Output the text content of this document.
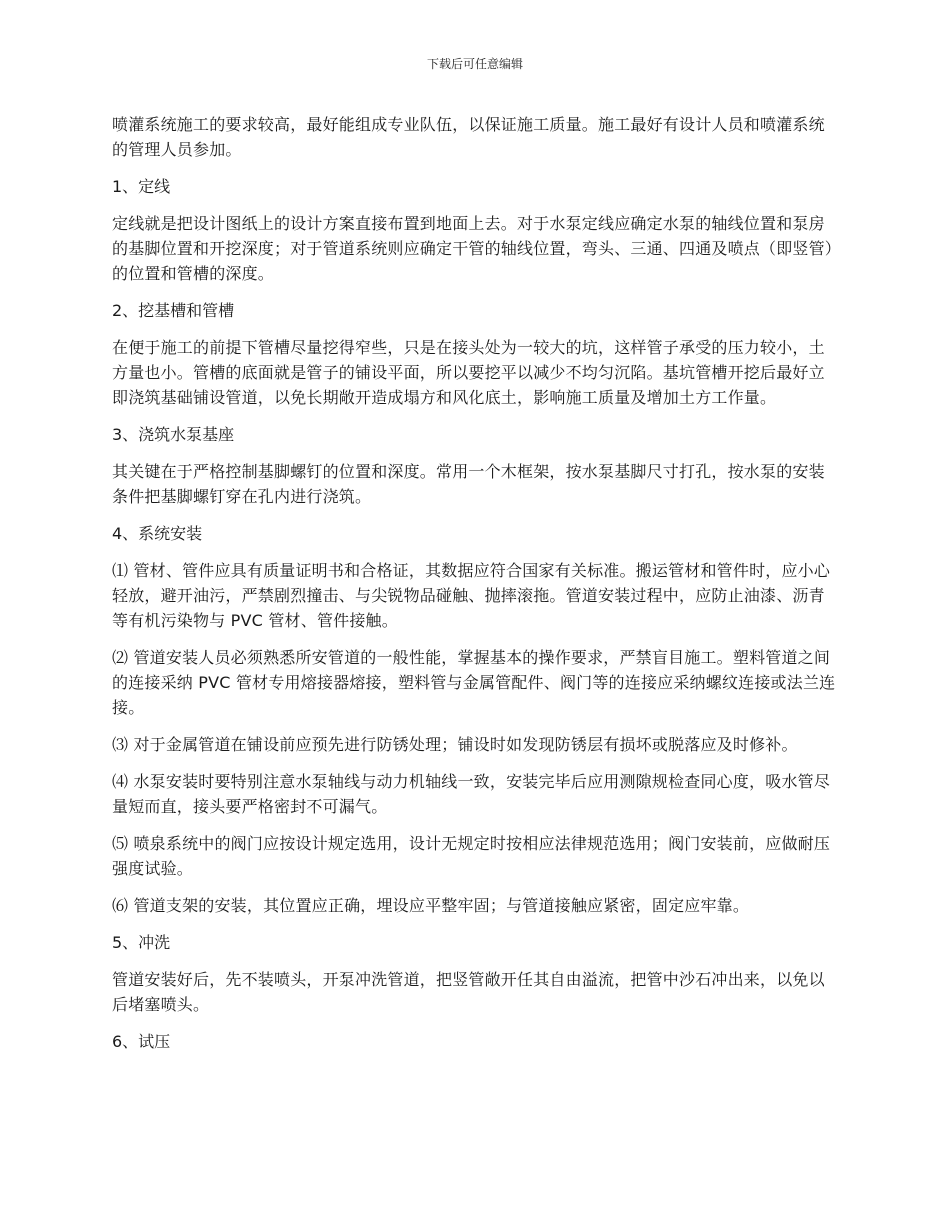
下载后可任意编辑

喷灌系统施工的要求较高，最好能组成专业队伍，以保证施工质量。施工最好有设计人员和喷灌系统的管理人员参加。

1、定线

定线就是把设计图纸上的设计方案直接布置到地面上去。对于水泵定线应确定水泵的轴线位置和泵房的基脚位置和开挖深度；对于管道系统则应确定干管的轴线位置，弯头、三通、四通及喷点（即竖管）的位置和管槽的深度。

2、挖基槽和管槽

在便于施工的前提下管槽尽量挖得窄些，只是在接头处为一较大的坑，这样管子承受的压力较小，土方量也小。管槽的底面就是管子的铺设平面，所以要挖平以减少不均匀沉陷。基坑管槽开挖后最好立即浇筑基础铺设管道，以免长期敞开造成塌方和风化底土，影响施工质量及增加土方工作量。

3、浇筑水泵基座

其关键在于严格控制基脚螺钉的位置和深度。常用一个木框架，按水泵基脚尺寸打孔，按水泵的安装条件把基脚螺钉穿在孔内进行浇筑。

4、系统安装

⑴ 管材、管件应具有质量证明书和合格证，其数据应符合国家有关标准。搬运管材和管件时，应小心轻放，避开油污，严禁剧烈撞击、与尖锐物品碰触、抛摔滚拖。管道安装过程中，应防止油漆、沥青等有机污染物与 PVC 管材、管件接触。

⑵ 管道安装人员必须熟悉所安管道的一般性能，掌握基本的操作要求，严禁盲目施工。塑料管道之间的连接采纳 PVC 管材专用熔接器熔接，塑料管与金属管配件、阀门等的连接应采纳螺纹连接或法兰连接。

⑶ 对于金属管道在铺设前应预先进行防锈处理；铺设时如发现防锈层有损坏或脱落应及时修补。

⑷ 水泵安装时要特别注意水泵轴线与动力机轴线一致，安装完毕后应用测隙规检查同心度，吸水管尽量短而直，接头要严格密封不可漏气。

⑸ 喷泉系统中的阀门应按设计规定选用，设计无规定时按相应法律规范选用；阀门安装前，应做耐压强度试验。

⑹ 管道支架的安装，其位置应正确，埋设应平整牢固；与管道接触应紧密，固定应牢靠。

5、冲洗

管道安装好后，先不装喷头，开泵冲洗管道，把竖管敞开任其自由溢流，把管中沙石冲出来，以免以后堵塞喷头。

6、试压
